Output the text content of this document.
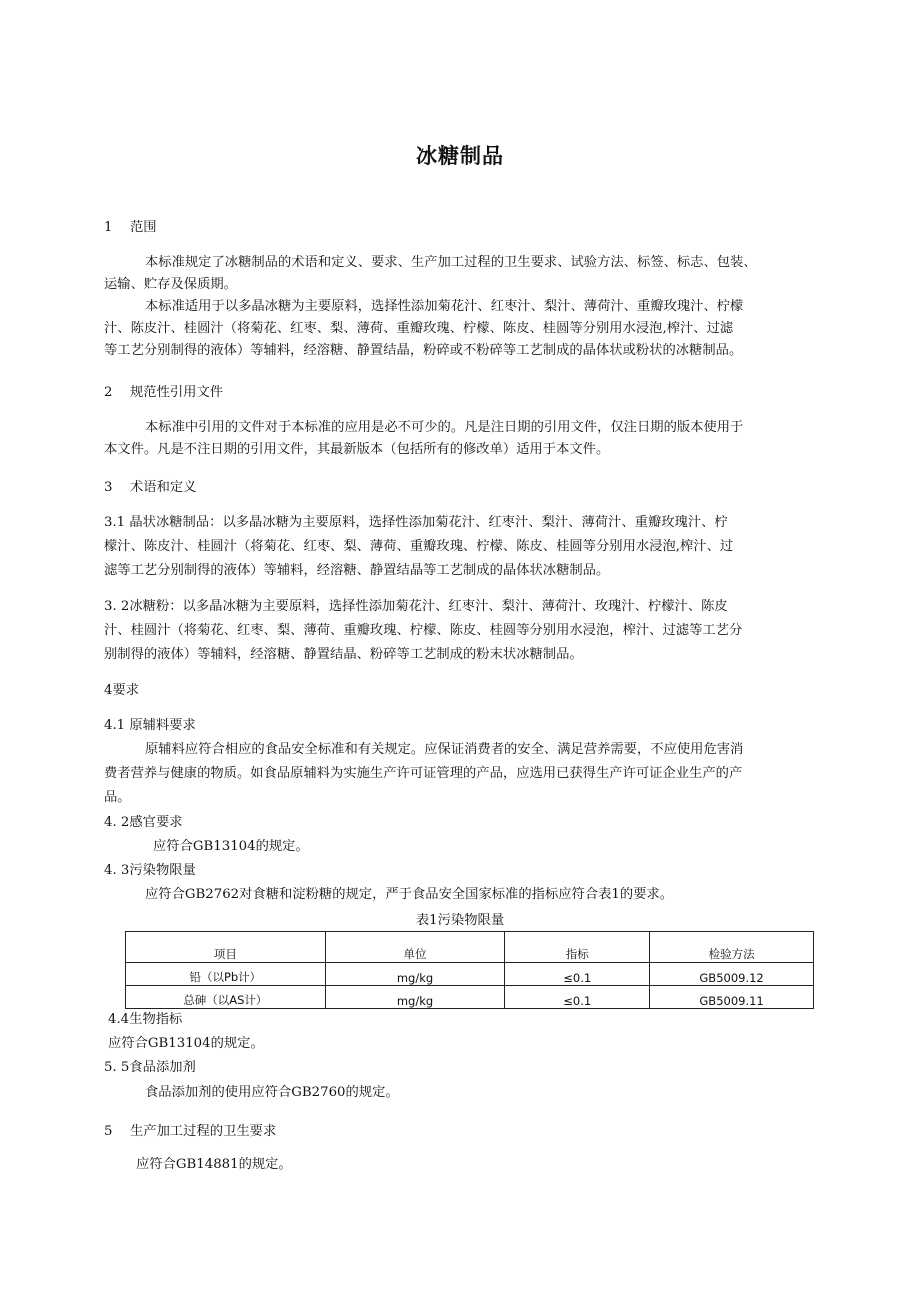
冰糖制品
1 范围
本标准规定了冰糖制品的术语和定义、要求、生产加工过程的卫生要求、试验方法、标签、标志、包装、
运输、贮存及保质期。
本标准适用于以多晶冰糖为主要原料，选择性添加菊花汁、红枣汁、梨汁、薄荷汁、重瓣玫瑰汁、柠檬
汁、陈皮汁、桂圆汁（将菊花、红枣、梨、薄荷、重瓣玫瑰、柠檬、陈皮、桂圆等分别用水浸泡,榨汁、过滤
等工艺分别制得的液体）等辅料，经溶糖、静置结晶，粉碎或不粉碎等工艺制成的晶体状或粉状的冰糖制品。
2 规范性引用文件
本标准中引用的文件对于本标准的应用是必不可少的。凡是注日期的引用文件，仅注日期的版本使用于
本文件。凡是不注日期的引用文件，其最新版本（包括所有的修改单）适用于本文件。
3 术语和定义
3.1 晶状冰糖制品：以多晶冰糖为主要原料，选择性添加菊花汁、红枣汁、梨汁、薄荷汁、重瓣玫瑰汁、柠
檬汁、陈皮汁、桂圆汁（将菊花、红枣、梨、薄荷、重瓣玫瑰、柠檬、陈皮、桂圆等分别用水浸泡,榨汁、过
滤等工艺分别制得的液体）等辅料，经溶糖、静置结晶等工艺制成的晶体状冰糖制品。
3. 2冰糖粉：以多晶冰糖为主要原料，选择性添加菊花汁、红枣汁、梨汁、薄荷汁、玫瑰汁、柠檬汁、陈皮
汁、桂圆汁（将菊花、红枣、梨、薄荷、重瓣玫瑰、柠檬、陈皮、桂圆等分别用水浸泡，榨汁、过滤等工艺分
别制得的液体）等辅料，经溶糖、静置结晶、粉碎等工艺制成的粉末状冰糖制品。
4要求
4.1 原辅料要求
原辅料应符合相应的食品安全标准和有关规定。应保证消费者的安全、满足营养需要，不应使用危害消
费者营养与健康的物质。如食品原辅料为实施生产许可证管理的产品，应选用已获得生产许可证企业生产的产
品。
4. 2感官要求
应符合GB13104的规定。
4. 3污染物限量
应符合GB2762对食糖和淀粉糖的规定，严于食品安全国家标准的指标应符合表1的要求。
表1污染物限量
项目	单位	指标	检验方法
铅（以Pb计）	mg/kg	≤0.1	GB5009.12
总砷（以AS计）	mg/kg	≤0.1	GB5009.11
4.4生物指标
应符合GB13104的规定。
5. 5食品添加剂
食品添加剂的使用应符合GB2760的规定。
5 生产加工过程的卫生要求
应符合GB14881的规定。
